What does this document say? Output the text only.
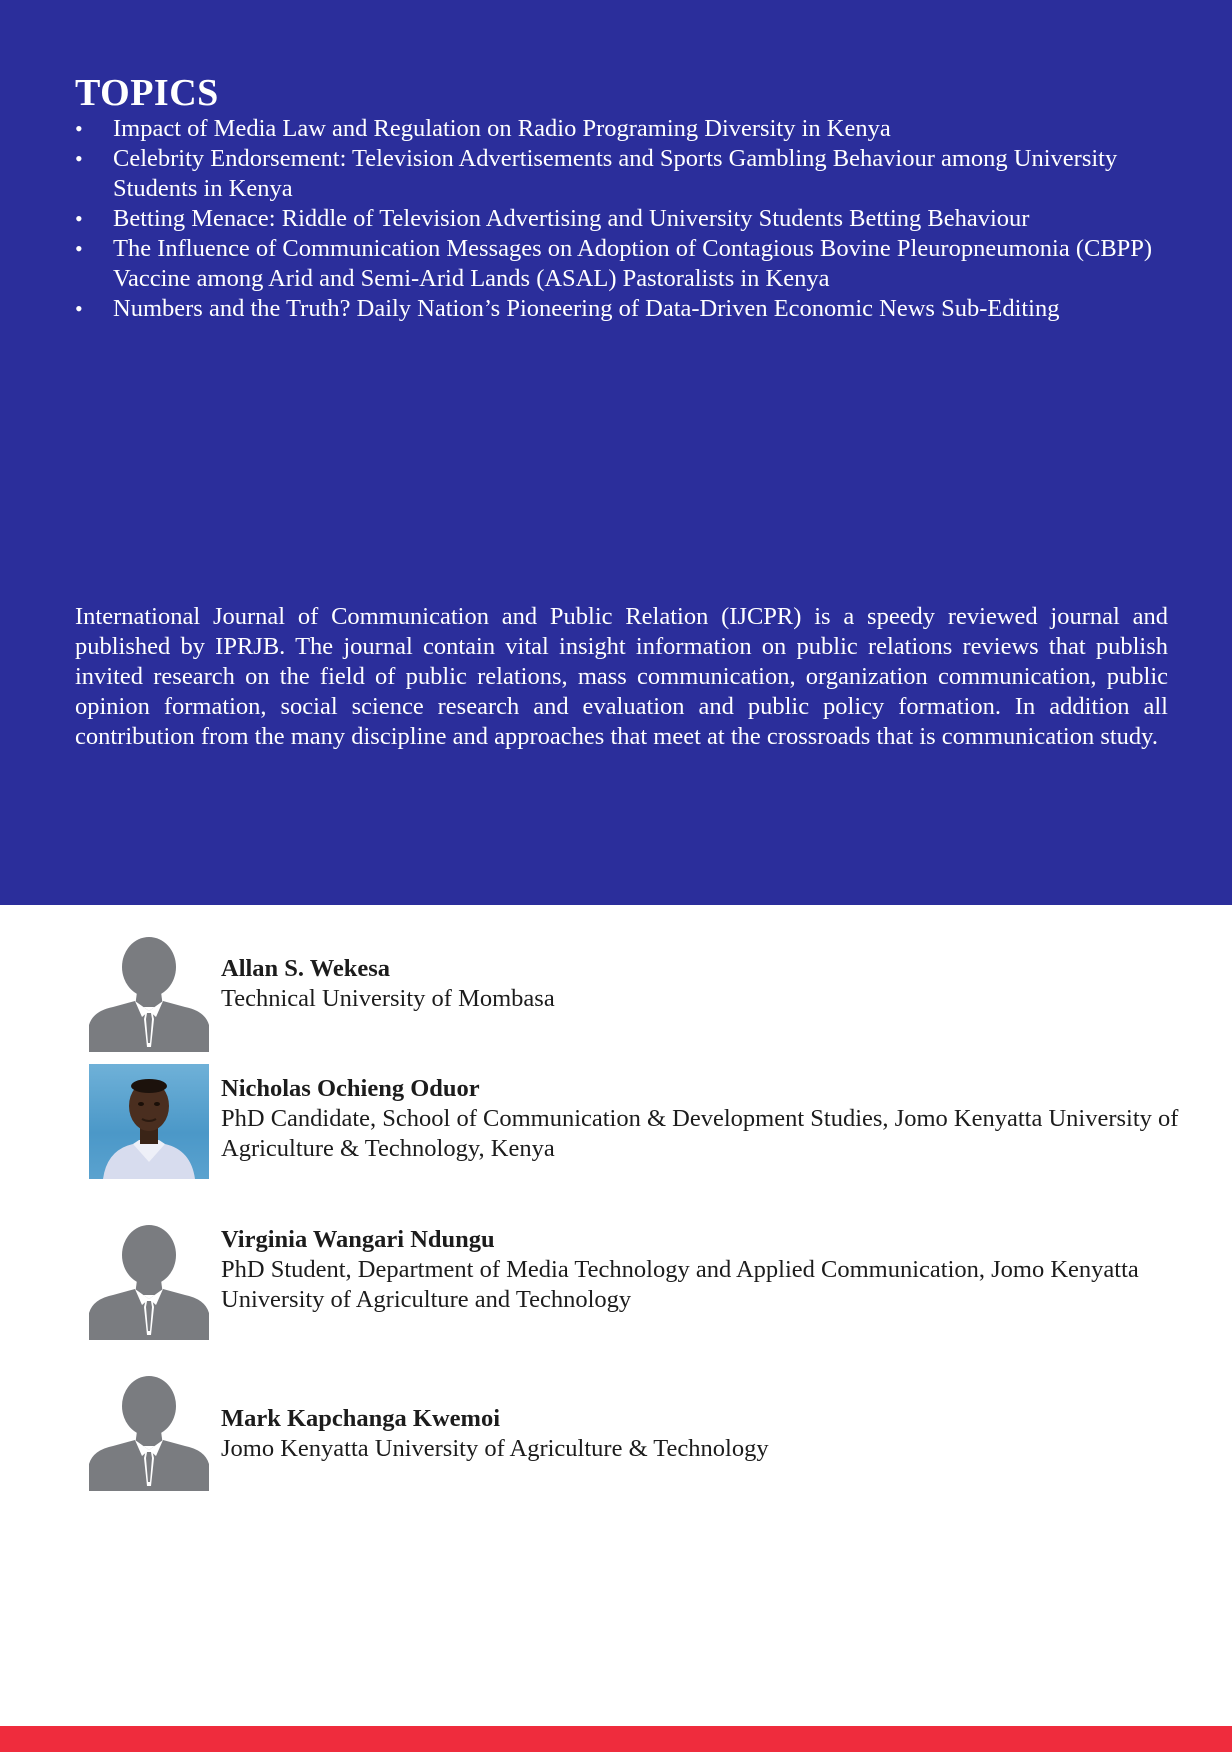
TOPICS
• Impact of Media Law and Regulation on Radio Programing Diversity in Kenya
• Celebrity Endorsement: Television Advertisements and Sports Gambling Behaviour among University Students in Kenya
• Betting Menace: Riddle of Television Advertising and University Students Betting Behaviour
• The Influence of Communication Messages on Adoption of Contagious Bovine Pleuropneumonia (CBPP) Vaccine among Arid and Semi-Arid Lands (ASAL) Pastoralists in Kenya
• Numbers and the Truth? Daily Nation’s Pioneering of Data-Driven Economic News Sub-Editing

International Journal of Communication and Public Relation (IJCPR) is a speedy reviewed journal and published by IPRJB. The journal contain vital insight information on public relations reviews that publish invited research on the field of public relations, mass communication, organization communication, public opinion formation, social science research and evaluation and public policy formation. In addition all contribution from the many discipline and approaches that meet at the crossroads that is communication study.

Allan S. Wekesa
Technical University of Mombasa
Nicholas Ochieng Oduor
PhD Candidate, School of Communication & Development Studies, Jomo Kenyatta University of Agriculture & Technology, Kenya
Virginia Wangari Ndungu
PhD Student, Department of Media Technology and Applied Communication, Jomo Kenyatta University of Agriculture and Technology
Mark Kapchanga Kwemoi
Jomo Kenyatta University of Agriculture & Technology
